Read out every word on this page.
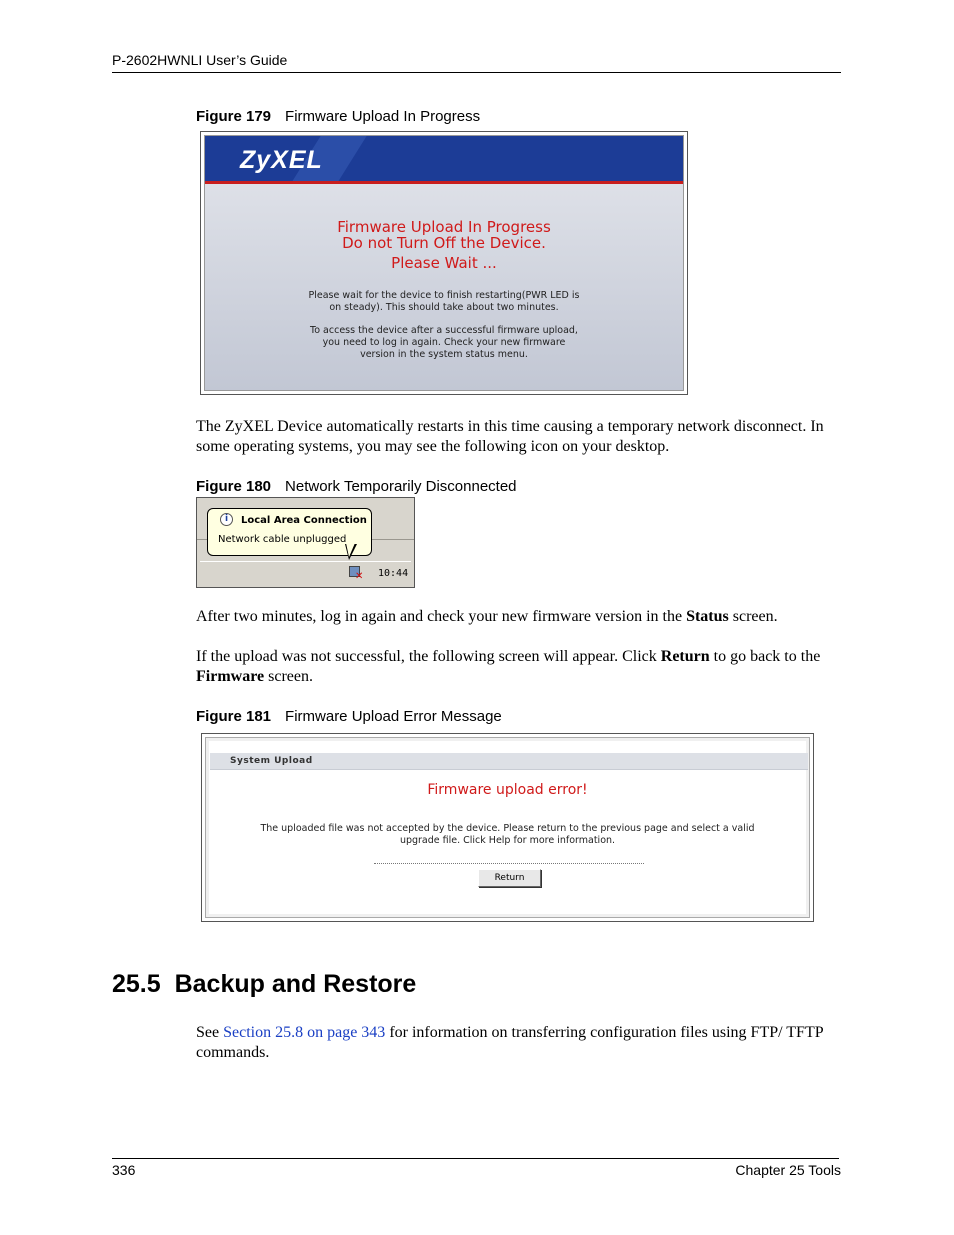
P-2602HWNLI User’s Guide
Figure 179 Firmware Upload In Progress
ZyXEL
Firmware Upload In Progress
Do not Turn Off the Device.
Please Wait ...
Please wait for the device to finish restarting(PWR LED is
on steady). This should take about two minutes.
To access the device after a successful firmware upload,
you need to log in again. Check your new firmware
version in the system status menu.
The ZyXEL Device automatically restarts in this time causing a temporary network disconnect. In some operating systems, you may see the following icon on your desktop.
Figure 180 Network Temporarily Disconnected
i	Local Area Connection
Network cable unplugged
✕ 10:44
After two minutes, log in again and check your new firmware version in the Status screen.
If the upload was not successful, the following screen will appear. Click Return to go back to the Firmware screen.
Figure 181 Firmware Upload Error Message
System Upload
Firmware upload error!
The uploaded file was not accepted by the device. Please return to the previous page and select a valid
upgrade file. Click Help for more information.
Return
25.5 Backup and Restore
See Section 25.8 on page 343 for information on transferring configuration files using FTP/ TFTP commands.
336	Chapter 25 Tools
